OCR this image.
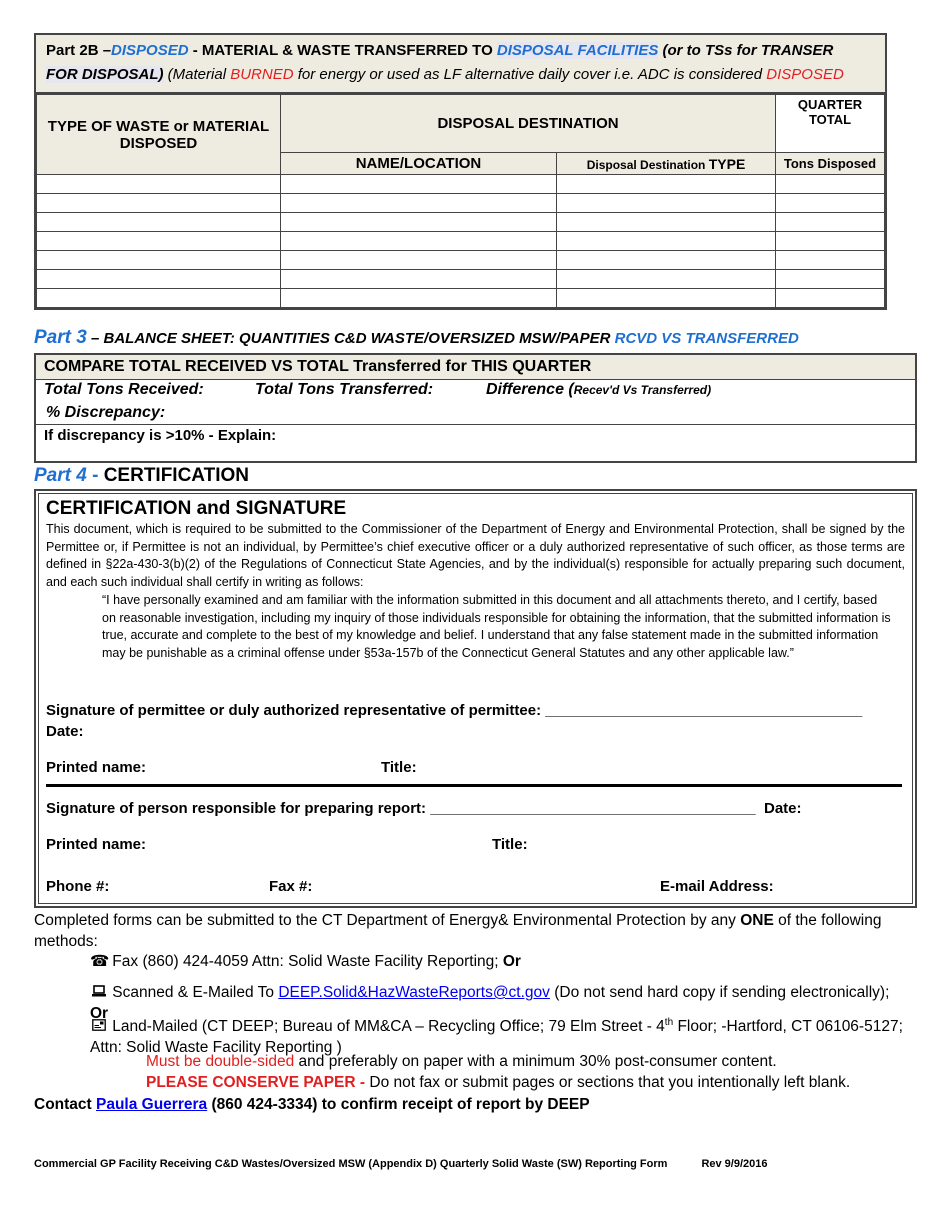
Part 2B –DISPOSED - MATERIAL & WASTE TRANSFERRED TO DISPOSAL FACILITIES (or to TSs for TRANSER
FOR DISPOSAL) (Material BURNED for energy or used as LF alternative daily cover i.e. ADC is considered DISPOSED
TYPE OF WASTE or MATERIAL DISPOSED	DISPOSAL DESTINATION		QUARTER TOTAL
	NAME/LOCATION	Disposal Destination TYPE	Tons Disposed

Part 3 – BALANCE SHEET: QUANTITIES C&D WASTE/OVERSIZED MSW/PAPER RCVD VS TRANSFERRED
COMPARE TOTAL RECEIVED VS TOTAL Transferred for THIS QUARTER
Total Tons Received:	Total Tons Transferred:	Difference (Recev'd Vs Transferred)
% Discrepancy:
If discrepancy is >10% - Explain:
Part 4 - CERTIFICATION
CERTIFICATION and SIGNATURE
This document, which is required to be submitted to the Commissioner of the Department of Energy and Environmental Protection, shall be signed by the Permittee or, if Permittee is not an individual, by Permittee’s chief executive officer or a duly authorized representative of such officer, as those terms are defined in §22a-430-3(b)(2) of the Regulations of Connecticut State Agencies, and by the individual(s) responsible for actually preparing such document, and each such individual shall certify in writing as follows:
“I have personally examined and am familiar with the information submitted in this document and all attachments thereto, and I certify, based on reasonable investigation, including my inquiry of those individuals responsible for obtaining the information, that the submitted information is true, accurate and complete to the best of my knowledge and belief. I understand that any false statement made in the submitted information may be punishable as a criminal offense under §53a-157b of the Connecticut General Statutes and any other applicable law.”
Signature of permittee or duly authorized representative of permittee: ______________________________________
Date:
Printed name:	Title:
Signature of person responsible for preparing report: _______________________________________ Date:
Printed name:	Title:
Phone #:	Fax #:	E-mail Address:
Completed forms can be submitted to the CT Department of Energy& Environmental Protection by any ONE of the following methods:
☎ Fax (860) 424-4059 Attn: Solid Waste Facility Reporting; Or
Scanned & E-Mailed To DEEP.Solid&HazWasteReports@ct.gov (Do not send hard copy if sending electronically); Or
Land-Mailed (CT DEEP; Bureau of MM&CA – Recycling Office; 79 Elm Street - 4th Floor; -Hartford, CT 06106-5127; Attn: Solid Waste Facility Reporting )
Must be double-sided and preferably on paper with a minimum 30% post-consumer content.
PLEASE CONSERVE PAPER - Do not fax or submit pages or sections that you intentionally left blank.
Contact Paula Guerrera (860 424-3334) to confirm receipt of report by DEEP
Commercial GP Facility Receiving C&D Wastes/Oversized MSW (Appendix D) Quarterly Solid Waste (SW) Reporting Form	Rev 9/9/2016
